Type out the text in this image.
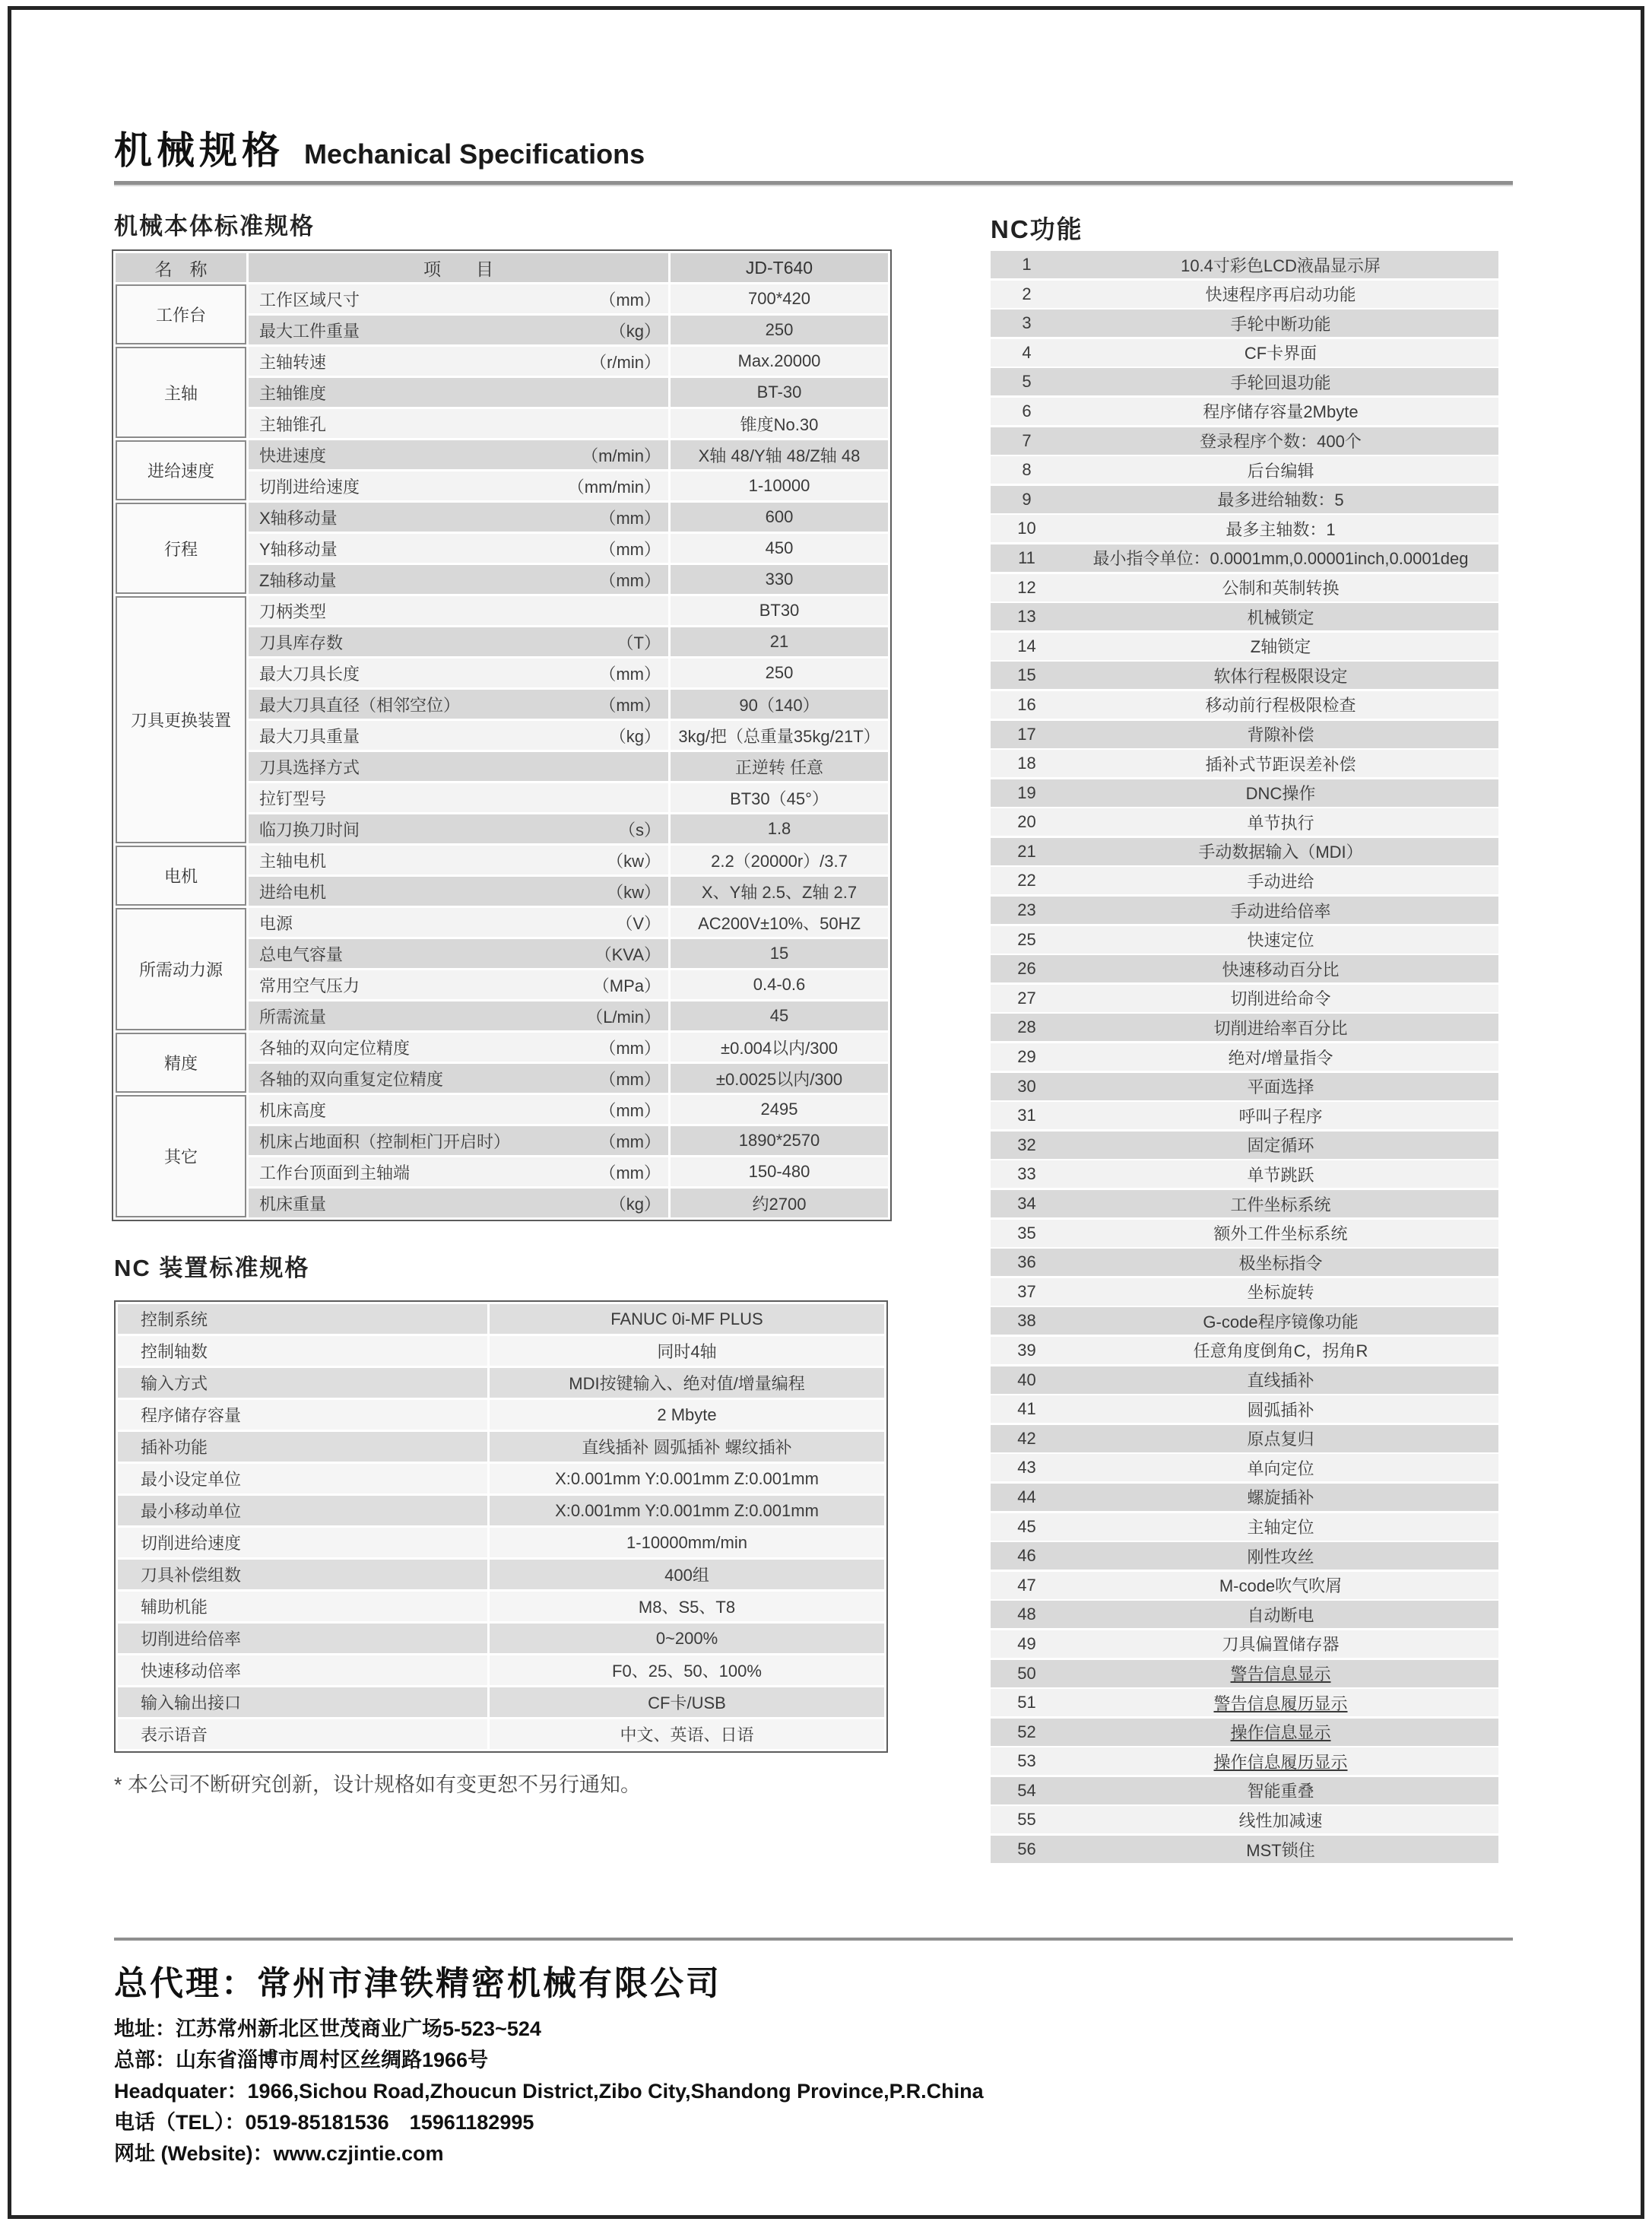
机械规格 Mechanical Specifications
机械本体标准规格
名　称	项　　目	JD-T640
工作台	工作区域尺寸 （mm）	700*420

	最大工件重量 （kg）	250
主轴	主轴转速 （r/min）	Max.20000

	主轴锥度	BT-30

	主轴锥孔	锥度No.30
进给速度	快进速度 （m/min）	X轴 48/Y轴 48/Z轴 48

	切削进给速度 （mm/min）	1-10000
行程	X轴移动量 （mm）	600

	Y轴移动量 （mm）	450

	Z轴移动量 （mm）	330
刀具更换装置	刀柄类型	BT30

	刀具库存数 （T）	21

	最大刀具长度 （mm）	250

	最大刀具直径（相邻空位） （mm）	90（140）

	最大刀具重量 （kg）	3kg/把（总重量35kg/21T）

	刀具选择方式	正逆转 任意

	拉钉型号	BT30（45°）

	临刀换刀时间 （s）	1.8
电机	主轴电机 （kw）	2.2（20000r）/3.7

	进给电机 （kw）	X、Y轴 2.5、Z轴 2.7
所需动力源	电源 （V）	AC200V±10%、50HZ

	总电气容量 （KVA）	15

	常用空气压力 （MPa）	0.4-0.6

	所需流量 （L/min）	45
精度	各轴的双向定位精度 （mm）	±0.004以内/300

	各轴的双向重复定位精度 （mm）	±0.0025以内/300
其它	机床高度 （mm）	2495

	机床占地面积（控制柜门开启时） （mm）	1890*2570

	工作台顶面到主轴端 （mm）	150-480

	机床重量 （kg）	约2700
NC 装置标准规格
控制系统	FANUC 0i-MF PLUS
控制轴数	同时4轴
输入方式	MDI按键输入、绝对值/增量编程
程序储存容量	2 Mbyte
插补功能	直线插补 圆弧插补 螺纹插补
最小设定单位	X:0.001mm Y:0.001mm Z:0.001mm
最小移动单位	X:0.001mm Y:0.001mm Z:0.001mm
切削进给速度	1-10000mm/min
刀具补偿组数	400组
辅助机能	M8、S5、T8
切削进给倍率	0~200%
快速移动倍率	F0、25、50、100%
输入输出接口	CF卡/USB
表示语音	中文、英语、日语
* 本公司不断研究创新，设计规格如有变更恕不另行通知。
NC功能
1	10.4寸彩色LCD液晶显示屏
2	快速程序再启动功能
3	手轮中断功能
4	CF卡界面
5	手轮回退功能
6	程序储存容量2Mbyte
7	登录程序个数：400个
8	后台编辑
9	最多进给轴数：5
10	最多主轴数：1
11	最小指令单位：0.0001mm,0.00001inch,0.0001deg
12	公制和英制转换
13	机械锁定
14	Z轴锁定
15	软体行程极限设定
16	移动前行程极限检查
17	背隙补偿
18	插补式节距误差补偿
19	DNC操作
20	单节执行
21	手动数据输入（MDI）
22	手动进给
23	手动进给倍率
25	快速定位
26	快速移动百分比
27	切削进给命令
28	切削进给率百分比
29	绝对/增量指令
30	平面选择
31	呼叫子程序
32	固定循环
33	单节跳跃
34	工件坐标系统
35	额外工件坐标系统
36	极坐标指令
37	坐标旋转
38	G-code程序镜像功能
39	任意角度倒角C，拐角R
40	直线插补
41	圆弧插补
42	原点复归
43	单向定位
44	螺旋插补
45	主轴定位
46	刚性攻丝
47	M-code吹气吹屑
48	自动断电
49	刀具偏置储存器
50	警告信息显示
51	警告信息履历显示
52	操作信息显示
53	操作信息履历显示
54	智能重叠
55	线性加减速
56	MST锁住
总代理：常州市津铁精密机械有限公司
地址：江苏常州新北区世茂商业广场5-523~524
总部：山东省淄博市周村区丝绸路1966号
Headquater：1966,Sichou Road,Zhoucun District,Zibo City,Shandong Province,P.R.China
电话（TEL）：0519-85181536　15961182995
网址 (Website)：www.czjintie.com
